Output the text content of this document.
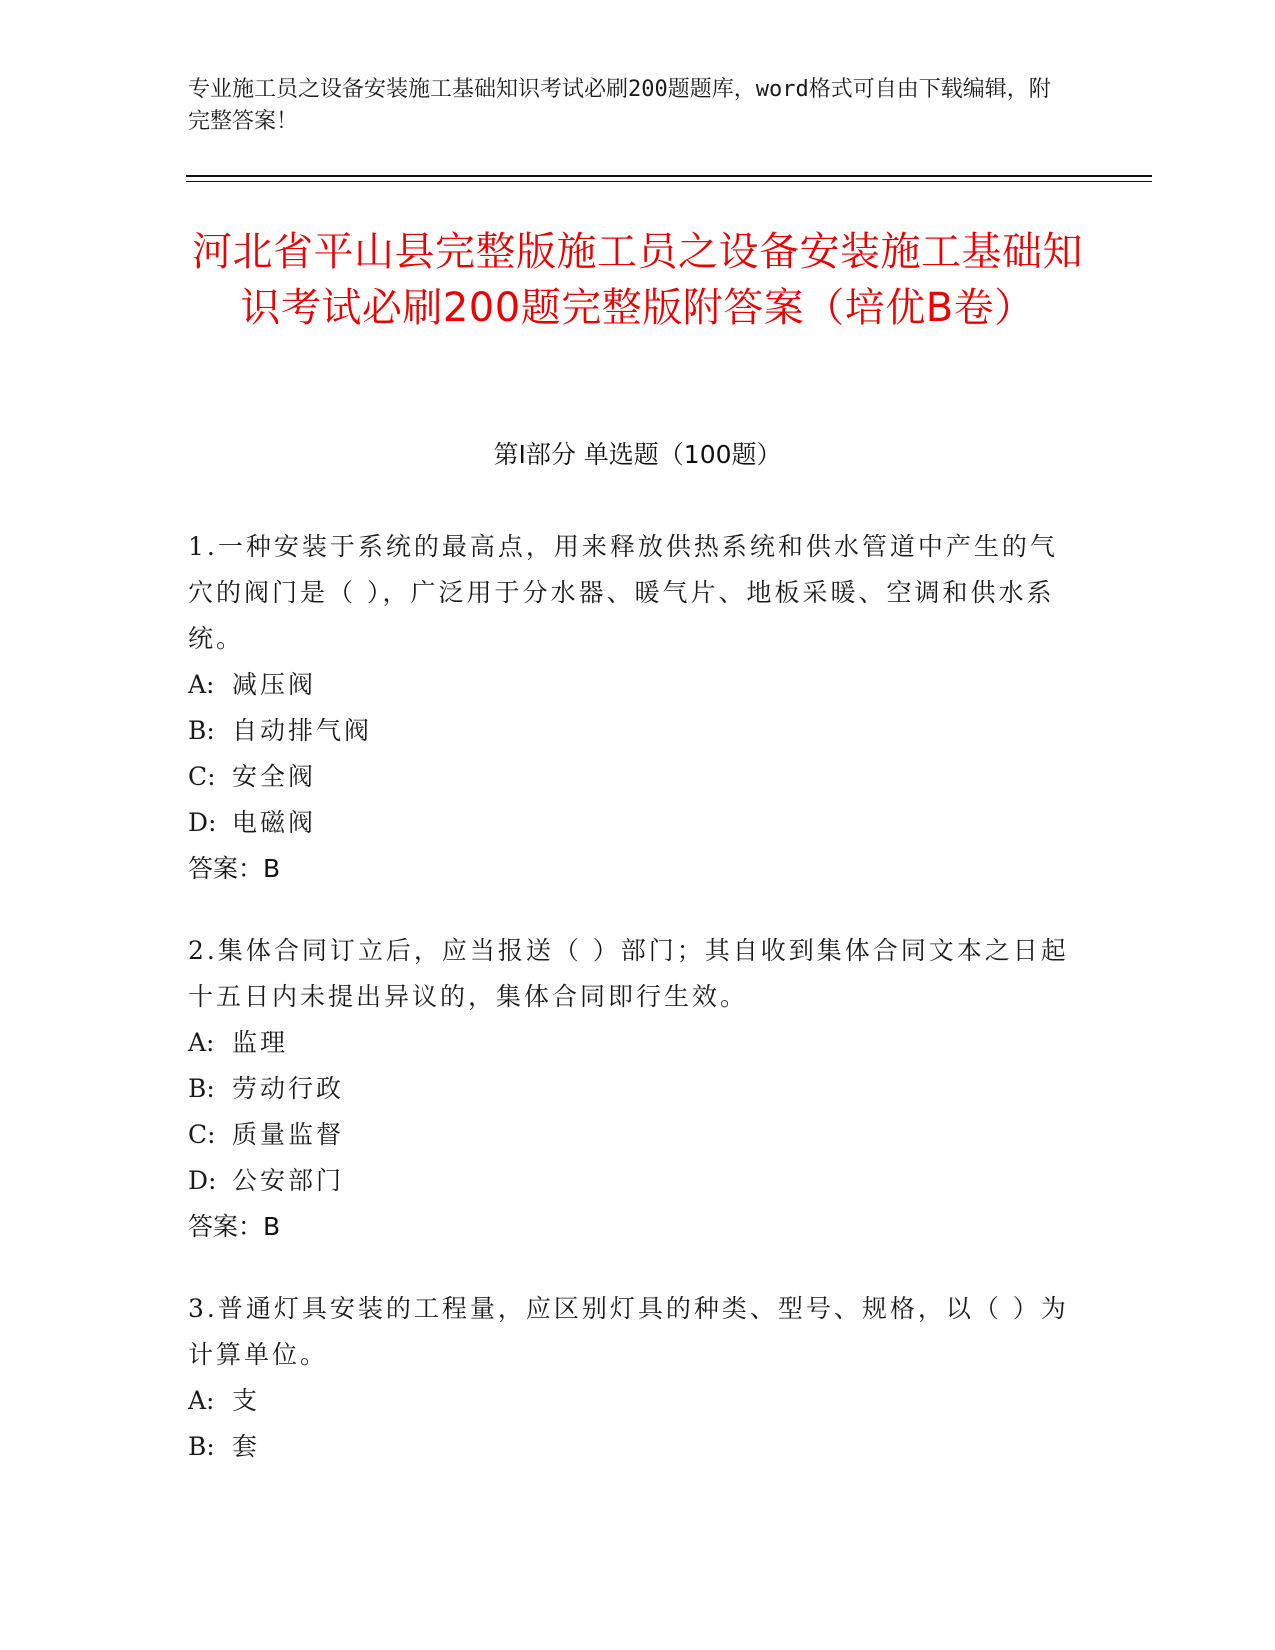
专业施工员之设备安装施工基础知识考试必刷200题题库，word格式可自由下载编辑，附完整答案！
河北省平山县完整版施工员之设备安装施工基础知识考试必刷200题完整版附答案（培优B卷）
第Ⅰ部分 单选题（100题）
1.一种安装于系统的最高点，用来释放供热系统和供水管道中产生的气穴的阀门是（ ），广泛用于分水器、暖气片、地板采暖、空调和供水系统。
A: 减压阀
B: 自动排气阀
C: 安全阀
D: 电磁阀
答案：B
2.集体合同订立后，应当报送（ ）部门；其自收到集体合同文本之日起十五日内未提出异议的，集体合同即行生效。
A: 监理
B: 劳动行政
C: 质量监督
D: 公安部门
答案：B
3.普通灯具安装的工程量，应区别灯具的种类、型号、规格，以（ ）为计算单位。
A: 支
B: 套
